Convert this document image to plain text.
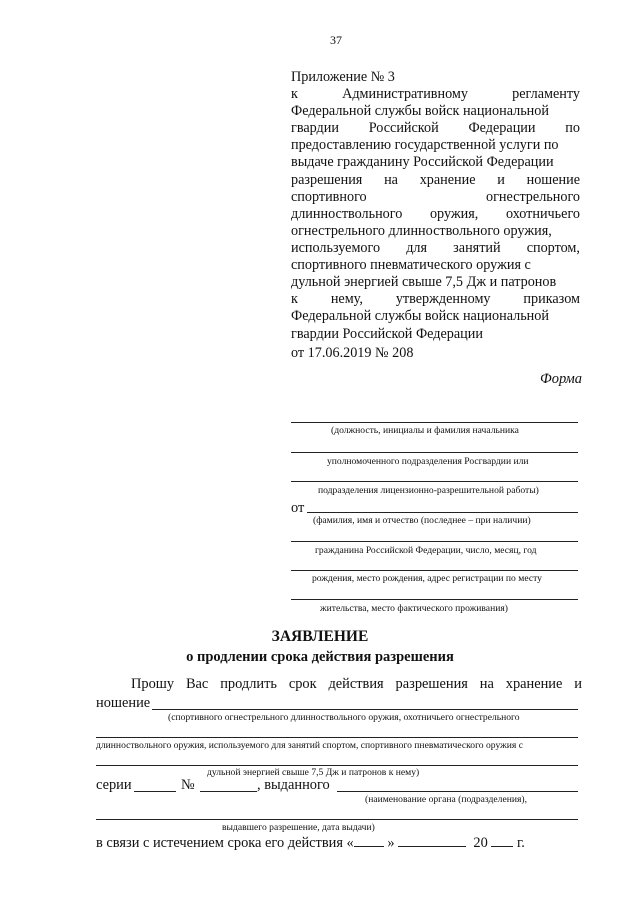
37
Приложение № 3
к	Административному	регламенту
Федеральной службы войск национальной
гвардии Российской Федерации по
предоставлению государственной услуги по
выдаче гражданину Российской Федерации
разрешения на хранение и ношение
спортивного	огнестрельного
длинноствольного оружия, охотничьего
огнестрельного длинноствольного оружия,
используемого для занятий спортом,
спортивного пневматического оружия с
дульной энергией свыше 7,5 Дж и патронов
к нему, утвержденному приказом
Федеральной службы войск национальной
гвардии Российской Федерации
от 17.06.2019 № 208
Форма
(должность, инициалы и фамилия начальника
уполномоченного подразделения Росгвардии или
подразделения лицензионно-разрешительной работы)
от
(фамилия, имя и отчество (последнее – при наличии)
гражданина Российской Федерации, число, месяц, год
рождения, место рождения, адрес регистрации по месту
жительства, место фактического проживания)
ЗАЯВЛЕНИЕ
о продлении срока действия разрешения
Прошу Вас продлить срок действия разрешения на хранение и
ношение
(спортивного огнестрельного длинноствольного оружия, охотничьего огнестрельного
длинноствольного оружия, используемого для занятий спортом, спортивного пневматического оружия с
дульной энергией свыше 7,5 Дж и патронов к нему)
серии	№	, выданного
(наименование органа (подразделения),
выдавшего разрешение, дата выдачи)
в связи с истечением срока его действия « »	20 г.
